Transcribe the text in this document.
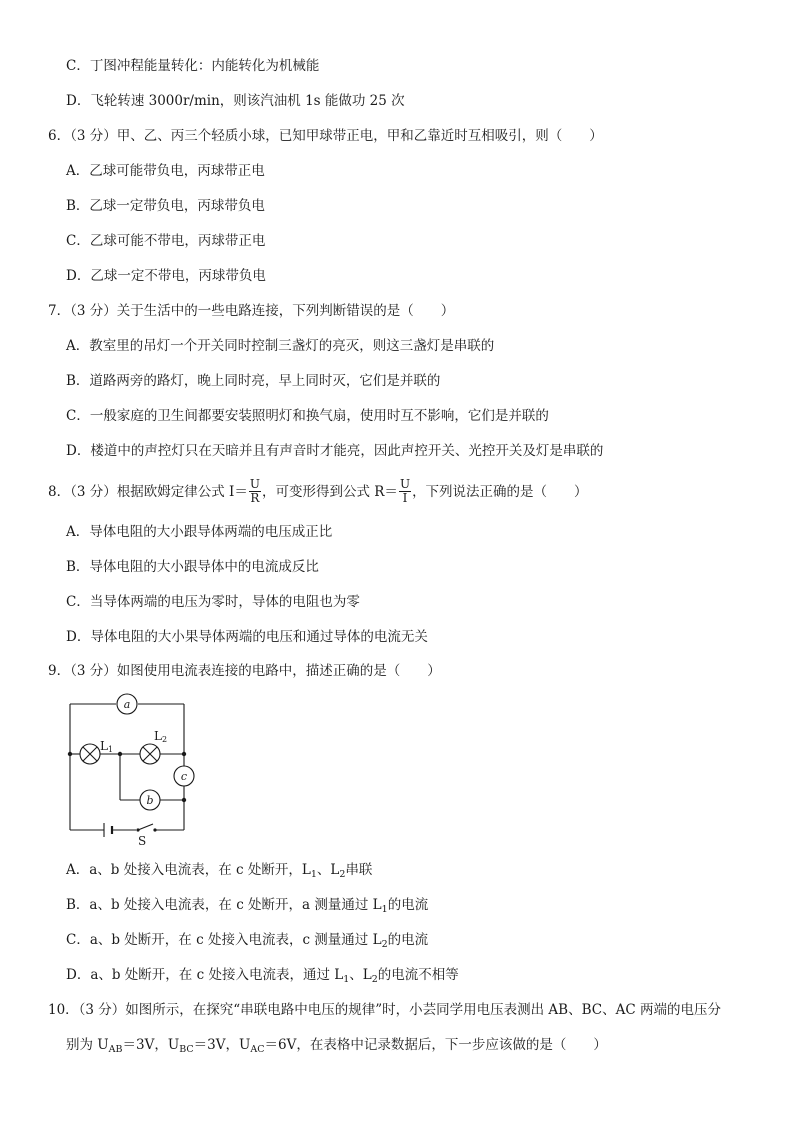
C．丁图冲程能量转化：内能转化为机械能
D．飞轮转速 3000r/min，则该汽油机 1s 能做功 25 次
6．（3 分）甲、乙、丙三个轻质小球，已知甲球带正电，甲和乙靠近时互相吸引，则（　　）
A．乙球可能带负电，丙球带正电
B．乙球一定带负电，丙球带负电
C．乙球可能不带电，丙球带正电
D．乙球一定不带电，丙球带负电
7．（3 分）关于生活中的一些电路连接，下列判断错误的是（　　）
A．教室里的吊灯一个开关同时控制三盏灯的亮灭，则这三盏灯是串联的
B．道路两旁的路灯，晚上同时亮，早上同时灭，它们是并联的
C．一般家庭的卫生间都要安装照明灯和换气扇，使用时互不影响，它们是并联的
D．楼道中的声控灯只在天暗并且有声音时才能亮，因此声控开关、光控开关及灯是串联的
8．（3 分）根据欧姆定律公式 $I= \frac{U}{R}$ ，可变形得到公式 $R= \frac{U}{I}$ ，下列说法正确的是（　　）
A．导体电阻的大小跟导体两端的电压成正比
B．导体电阻的大小跟导体中的电流成反比
C．当导体两端的电压为零时，导体的电阻也为零
D．导体电阻的大小果导体两端的电压和通过导体的电流无关
9．（3 分）如图使用电流表连接的电路中，描述正确的是（　　）
a
b
c
L1
L2
S
A．a、b 处接入电流表，在 c 处断开，$L_1$、$L_2$串联
B．a、b 处接入电流表，在 c 处断开，a 测量通过 $L_1$的电流
C．a、b 处断开，在 c 处接入电流表，c 测量通过 $L_2$的电流
D．a、b 处断开，在 c 处接入电流表，通过 $L_1$、$L_2$的电流不相等
10．（3 分）如图所示，在探究“串联电路中电压的规律”时，小芸同学用电压表测出 AB、BC、AC 两端的电压分
别为 $U_{AB}=3V$，$U_{BC}=3V$，$U_{AC}=6V$，在表格中记录数据后，下一步应该做的是（　　）
